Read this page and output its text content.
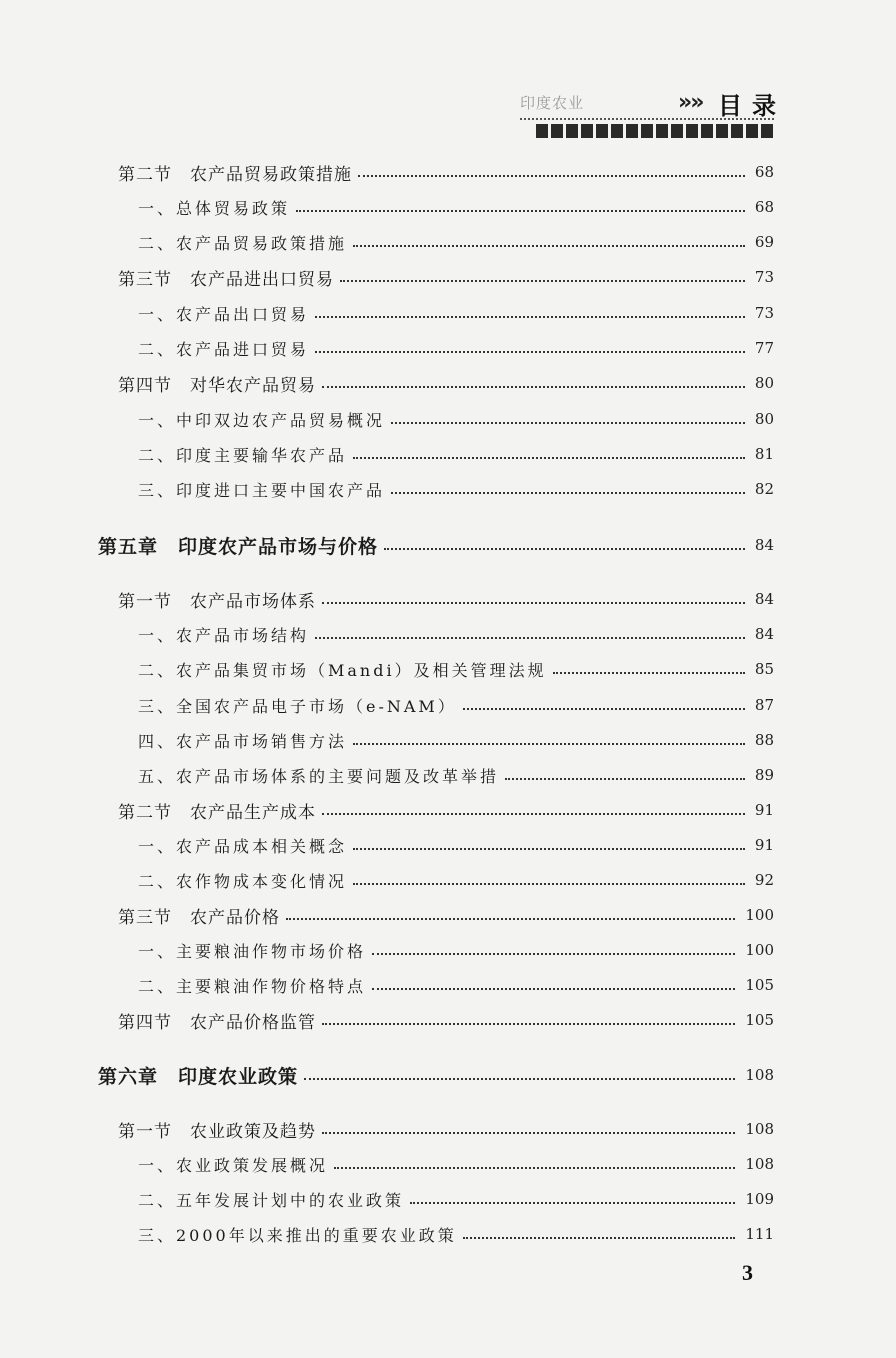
印度农业	»» 目录
第二节　农产品贸易政策措施	68
一、总体贸易政策	68
二、农产品贸易政策措施	69
第三节　农产品进出口贸易	73
一、农产品出口贸易	73
二、农产品进口贸易	77
第四节　对华农产品贸易	80
一、中印双边农产品贸易概况	80
二、印度主要输华农产品	81
三、印度进口主要中国农产品	82
第五章　印度农产品市场与价格	84
第一节　农产品市场体系	84
一、农产品市场结构	84
二、农产品集贸市场（Mandi）及相关管理法规	85
三、全国农产品电子市场（e-NAM）	87
四、农产品市场销售方法	88
五、农产品市场体系的主要问题及改革举措	89
第二节　农产品生产成本	91
一、农产品成本相关概念	91
二、农作物成本变化情况	92
第三节　农产品价格	100
一、主要粮油作物市场价格	100
二、主要粮油作物价格特点	105
第四节　农产品价格监管	105
第六章　印度农业政策	108
第一节　农业政策及趋势	108
一、农业政策发展概况	108
二、五年发展计划中的农业政策	109
三、2000年以来推出的重要农业政策	111
3
